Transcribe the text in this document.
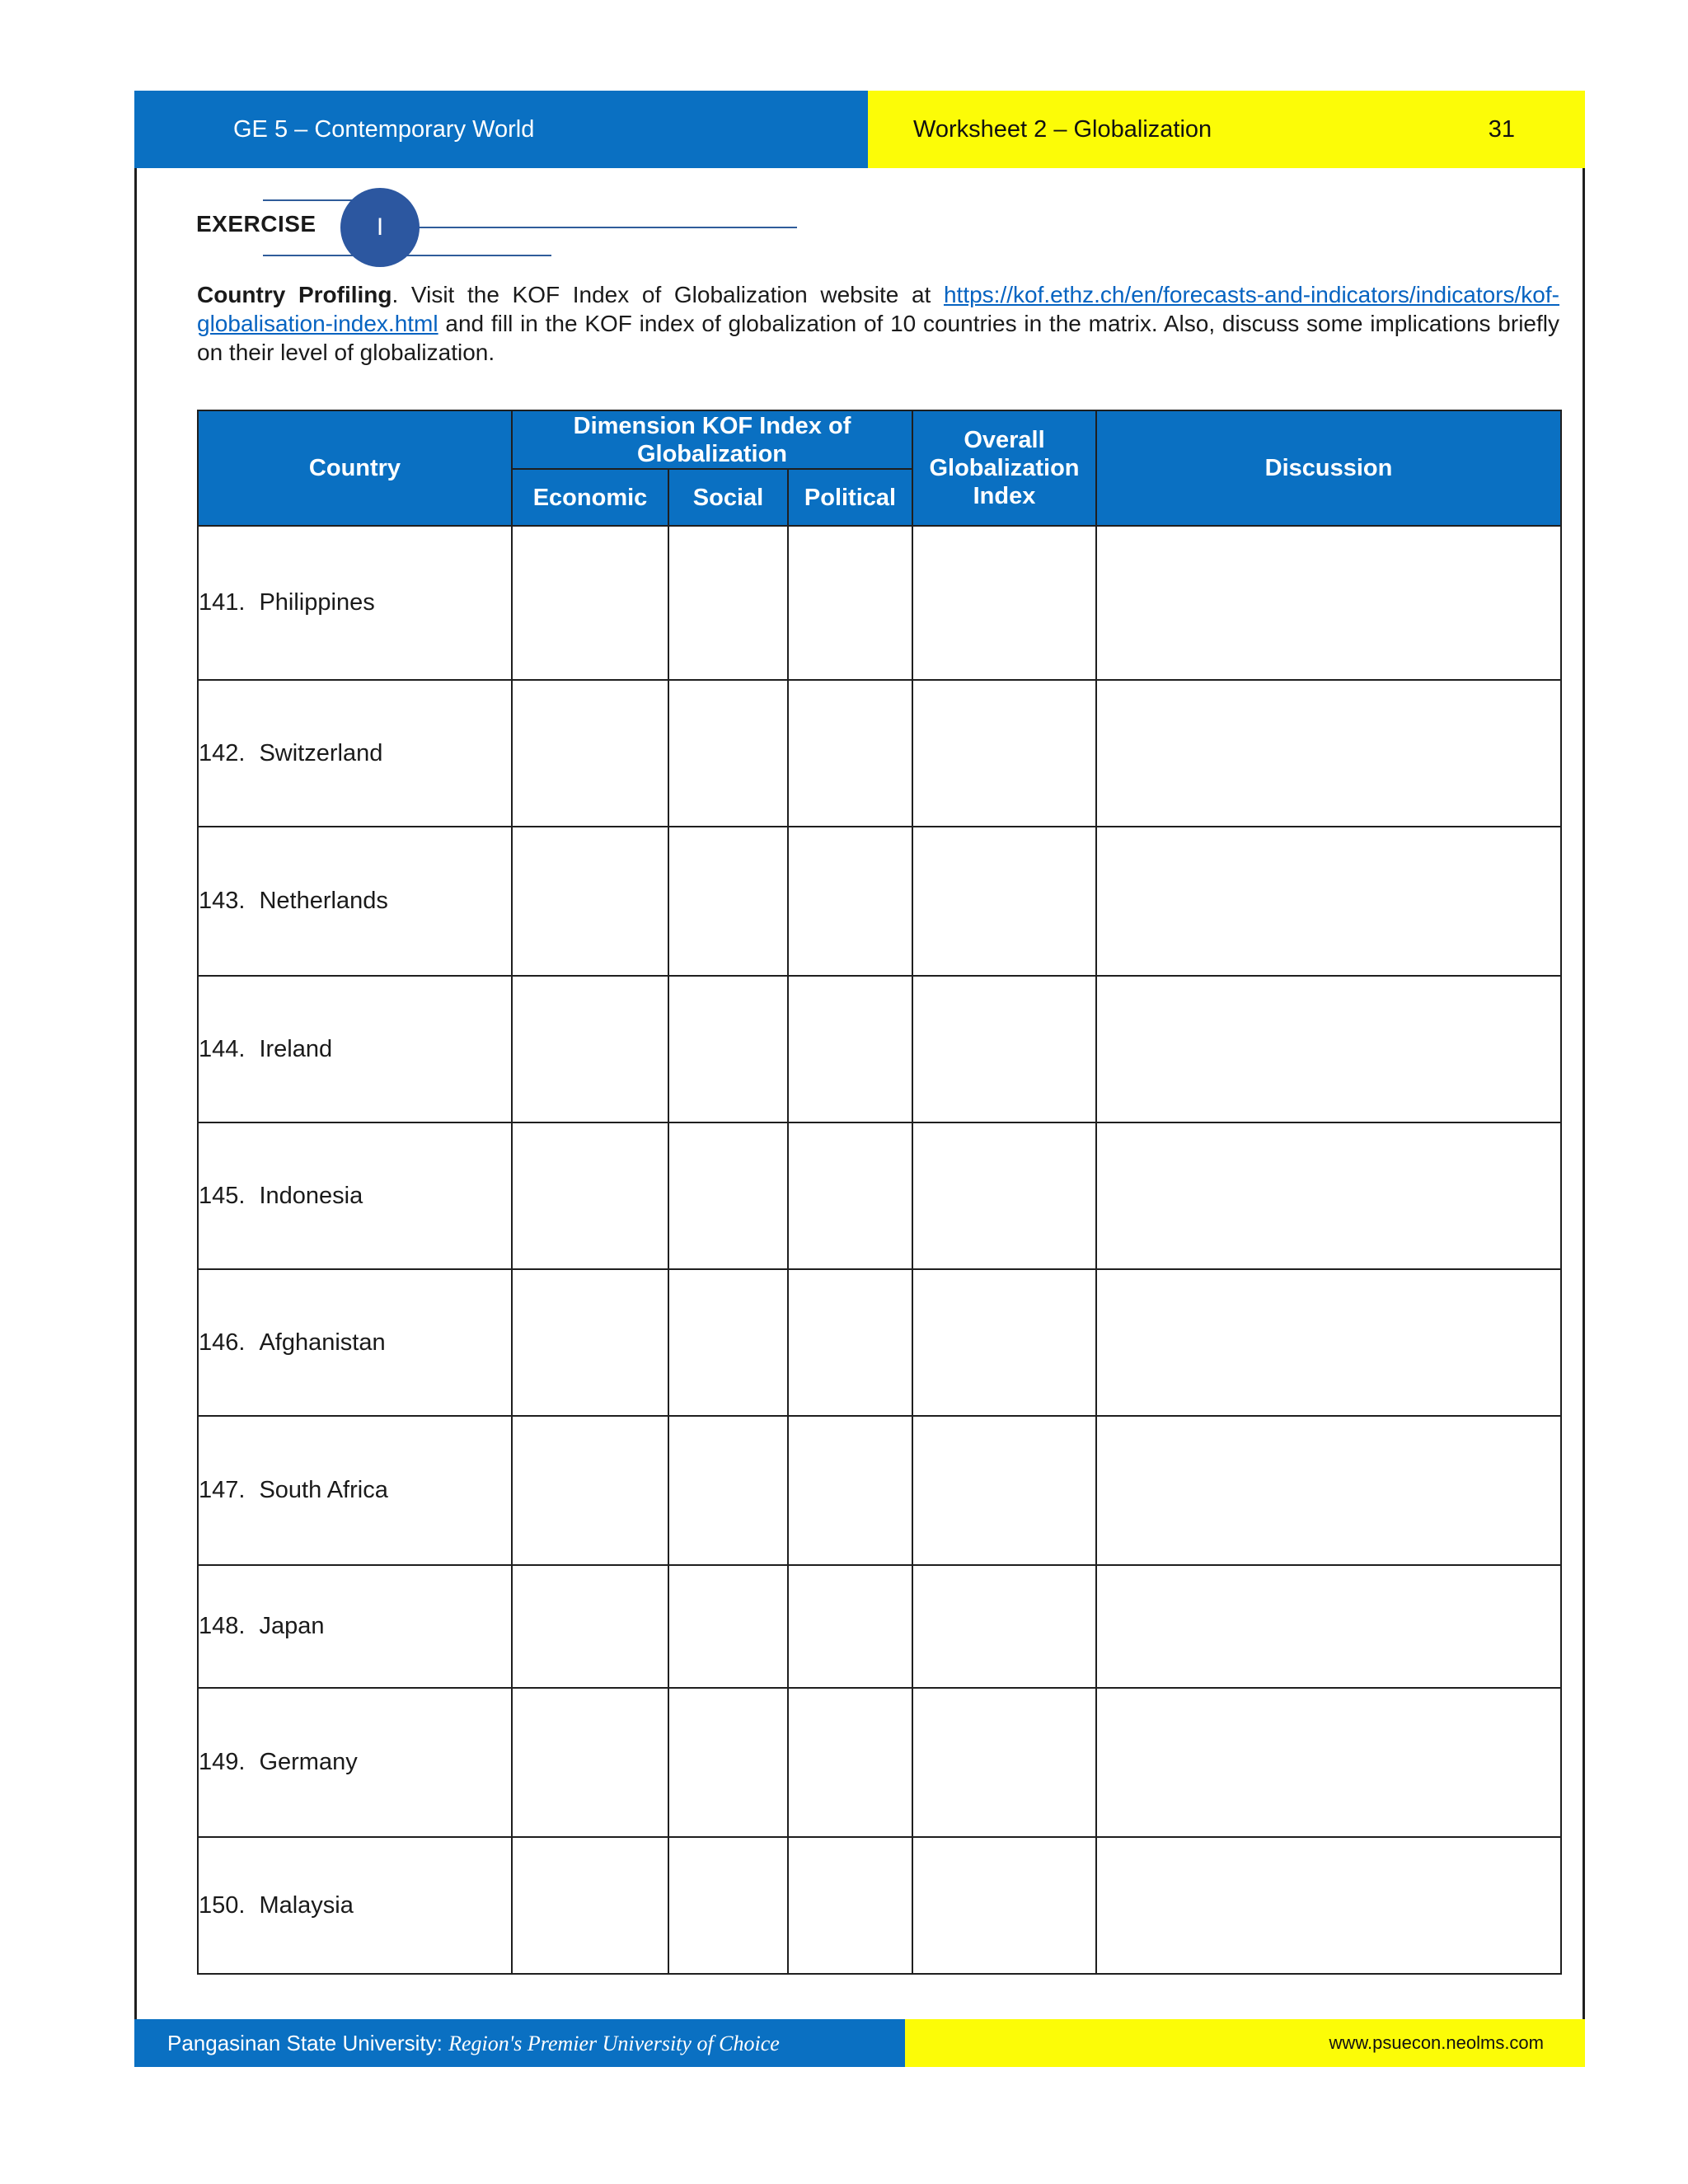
GE 5 – Contemporary World	Worksheet 2 – Globalization	31
EXERCISE I
Country Profiling. Visit the KOF Index of Globalization website at https://kof.ethz.ch/en/forecasts-and-indicators/indicators/kof-globalisation-index.html and fill in the KOF index of globalization of 10 countries in the matrix. Also, discuss some implications briefly on their level of globalization.
Country	Dimension KOF Index of Globalization			Overall Globalization Index	Discussion
	Economic	Social	Political		
141. Philippines					
142. Switzerland					
143. Netherlands					
144. Ireland					
145. Indonesia					
146. Afghanistan					
147. South Africa					
148. Japan					
149. Germany					
150. Malaysia					
Pangasinan State University: Region's Premier University of Choice	www.psuecon.neolms.com
